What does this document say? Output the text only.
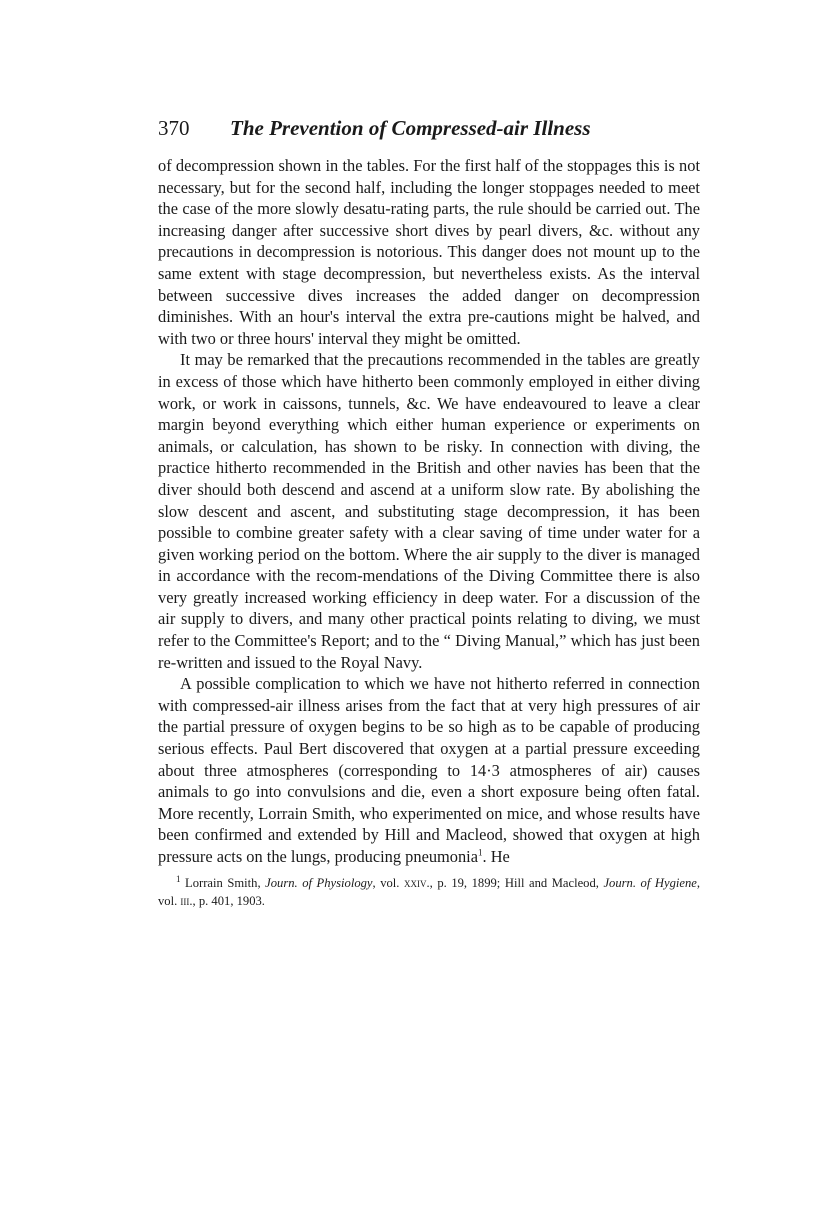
370 The Prevention of Compressed-air Illness

of decompression shown in the tables. For the first half of the stoppages this is not necessary, but for the second half, including the longer stoppages needed to meet the case of the more slowly desatu-rating parts, the rule should be carried out. The increasing danger after successive short dives by pearl divers, &c. without any precautions in decompression is notorious. This danger does not mount up to the same extent with stage decompression, but nevertheless exists. As the interval between successive dives increases the added danger on decompression diminishes. With an hour's interval the extra pre-cautions might be halved, and with two or three hours' interval they might be omitted.

It may be remarked that the precautions recommended in the tables are greatly in excess of those which have hitherto been commonly employed in either diving work, or work in caissons, tunnels, &c. We have endeavoured to leave a clear margin beyond everything which either human experience or experiments on animals, or calculation, has shown to be risky. In connection with diving, the practice hitherto recommended in the British and other navies has been that the diver should both descend and ascend at a uniform slow rate. By abolishing the slow descent and ascent, and substituting stage decompression, it has been possible to combine greater safety with a clear saving of time under water for a given working period on the bottom. Where the air supply to the diver is managed in accordance with the recom-mendations of the Diving Committee there is also very greatly increased working efficiency in deep water. For a discussion of the air supply to divers, and many other practical points relating to diving, we must refer to the Committee's Report; and to the “ Diving Manual,” which has just been re-written and issued to the Royal Navy.

A possible complication to which we have not hitherto referred in connection with compressed-air illness arises from the fact that at very high pressures of air the partial pressure of oxygen begins to be so high as to be capable of producing serious effects. Paul Bert discovered that oxygen at a partial pressure exceeding about three atmospheres (corresponding to 14·3 atmospheres of air) causes animals to go into convulsions and die, even a short exposure being often fatal. More recently, Lorrain Smith, who experimented on mice, and whose results have been confirmed and extended by Hill and Macleod, showed that oxygen at high pressure acts on the lungs, producing pneumonia$^1$. He

$^1$ Lorrain Smith, Journ. of Physiology, vol. xxiv., p. 19, 1899; Hill and Macleod, Journ. of Hygiene, vol. iii., p. 401, 1903.
